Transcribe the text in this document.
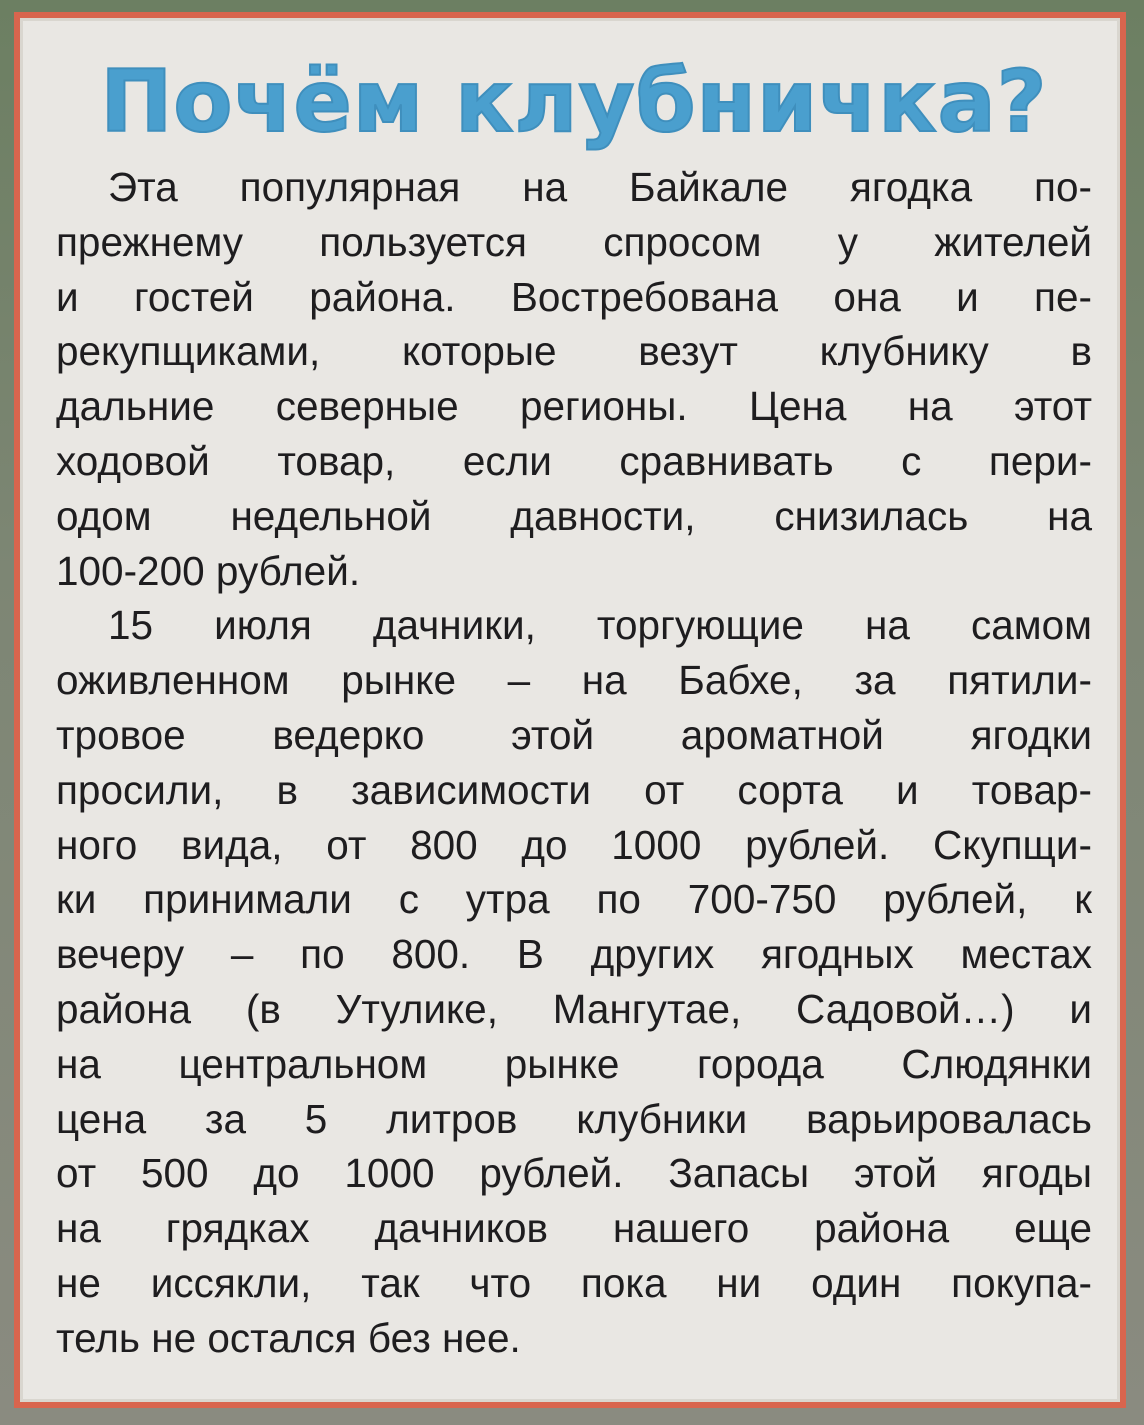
Почём клубничка?
Эта популярная на Байкале ягодка по-
прежнему пользуется спросом у жителей
и гостей района. Востребована она и пе-
рекупщиками, которые везут клубнику в
дальние северные регионы. Цена на этот
ходовой товар, если сравнивать с пери-
одом недельной давности, снизилась на
100-200 рублей.
15 июля дачники, торгующие на самом
оживленном рынке – на Бабхе, за пятили-
тровое ведерко этой ароматной ягодки
просили, в зависимости от сорта и товар-
ного вида, от 800 до 1000 рублей. Скупщи-
ки принимали с утра по 700-750 рублей, к
вечеру – по 800. В других ягодных местах
района (в Утулике, Мангутае, Садовой…) и
на центральном рынке города Слюдянки
цена за 5 литров клубники варьировалась
от 500 до 1000 рублей. Запасы этой ягоды
на грядках дачников нашего района еще
не иссякли, так что пока ни один покупа-
тель не остался без нее.
